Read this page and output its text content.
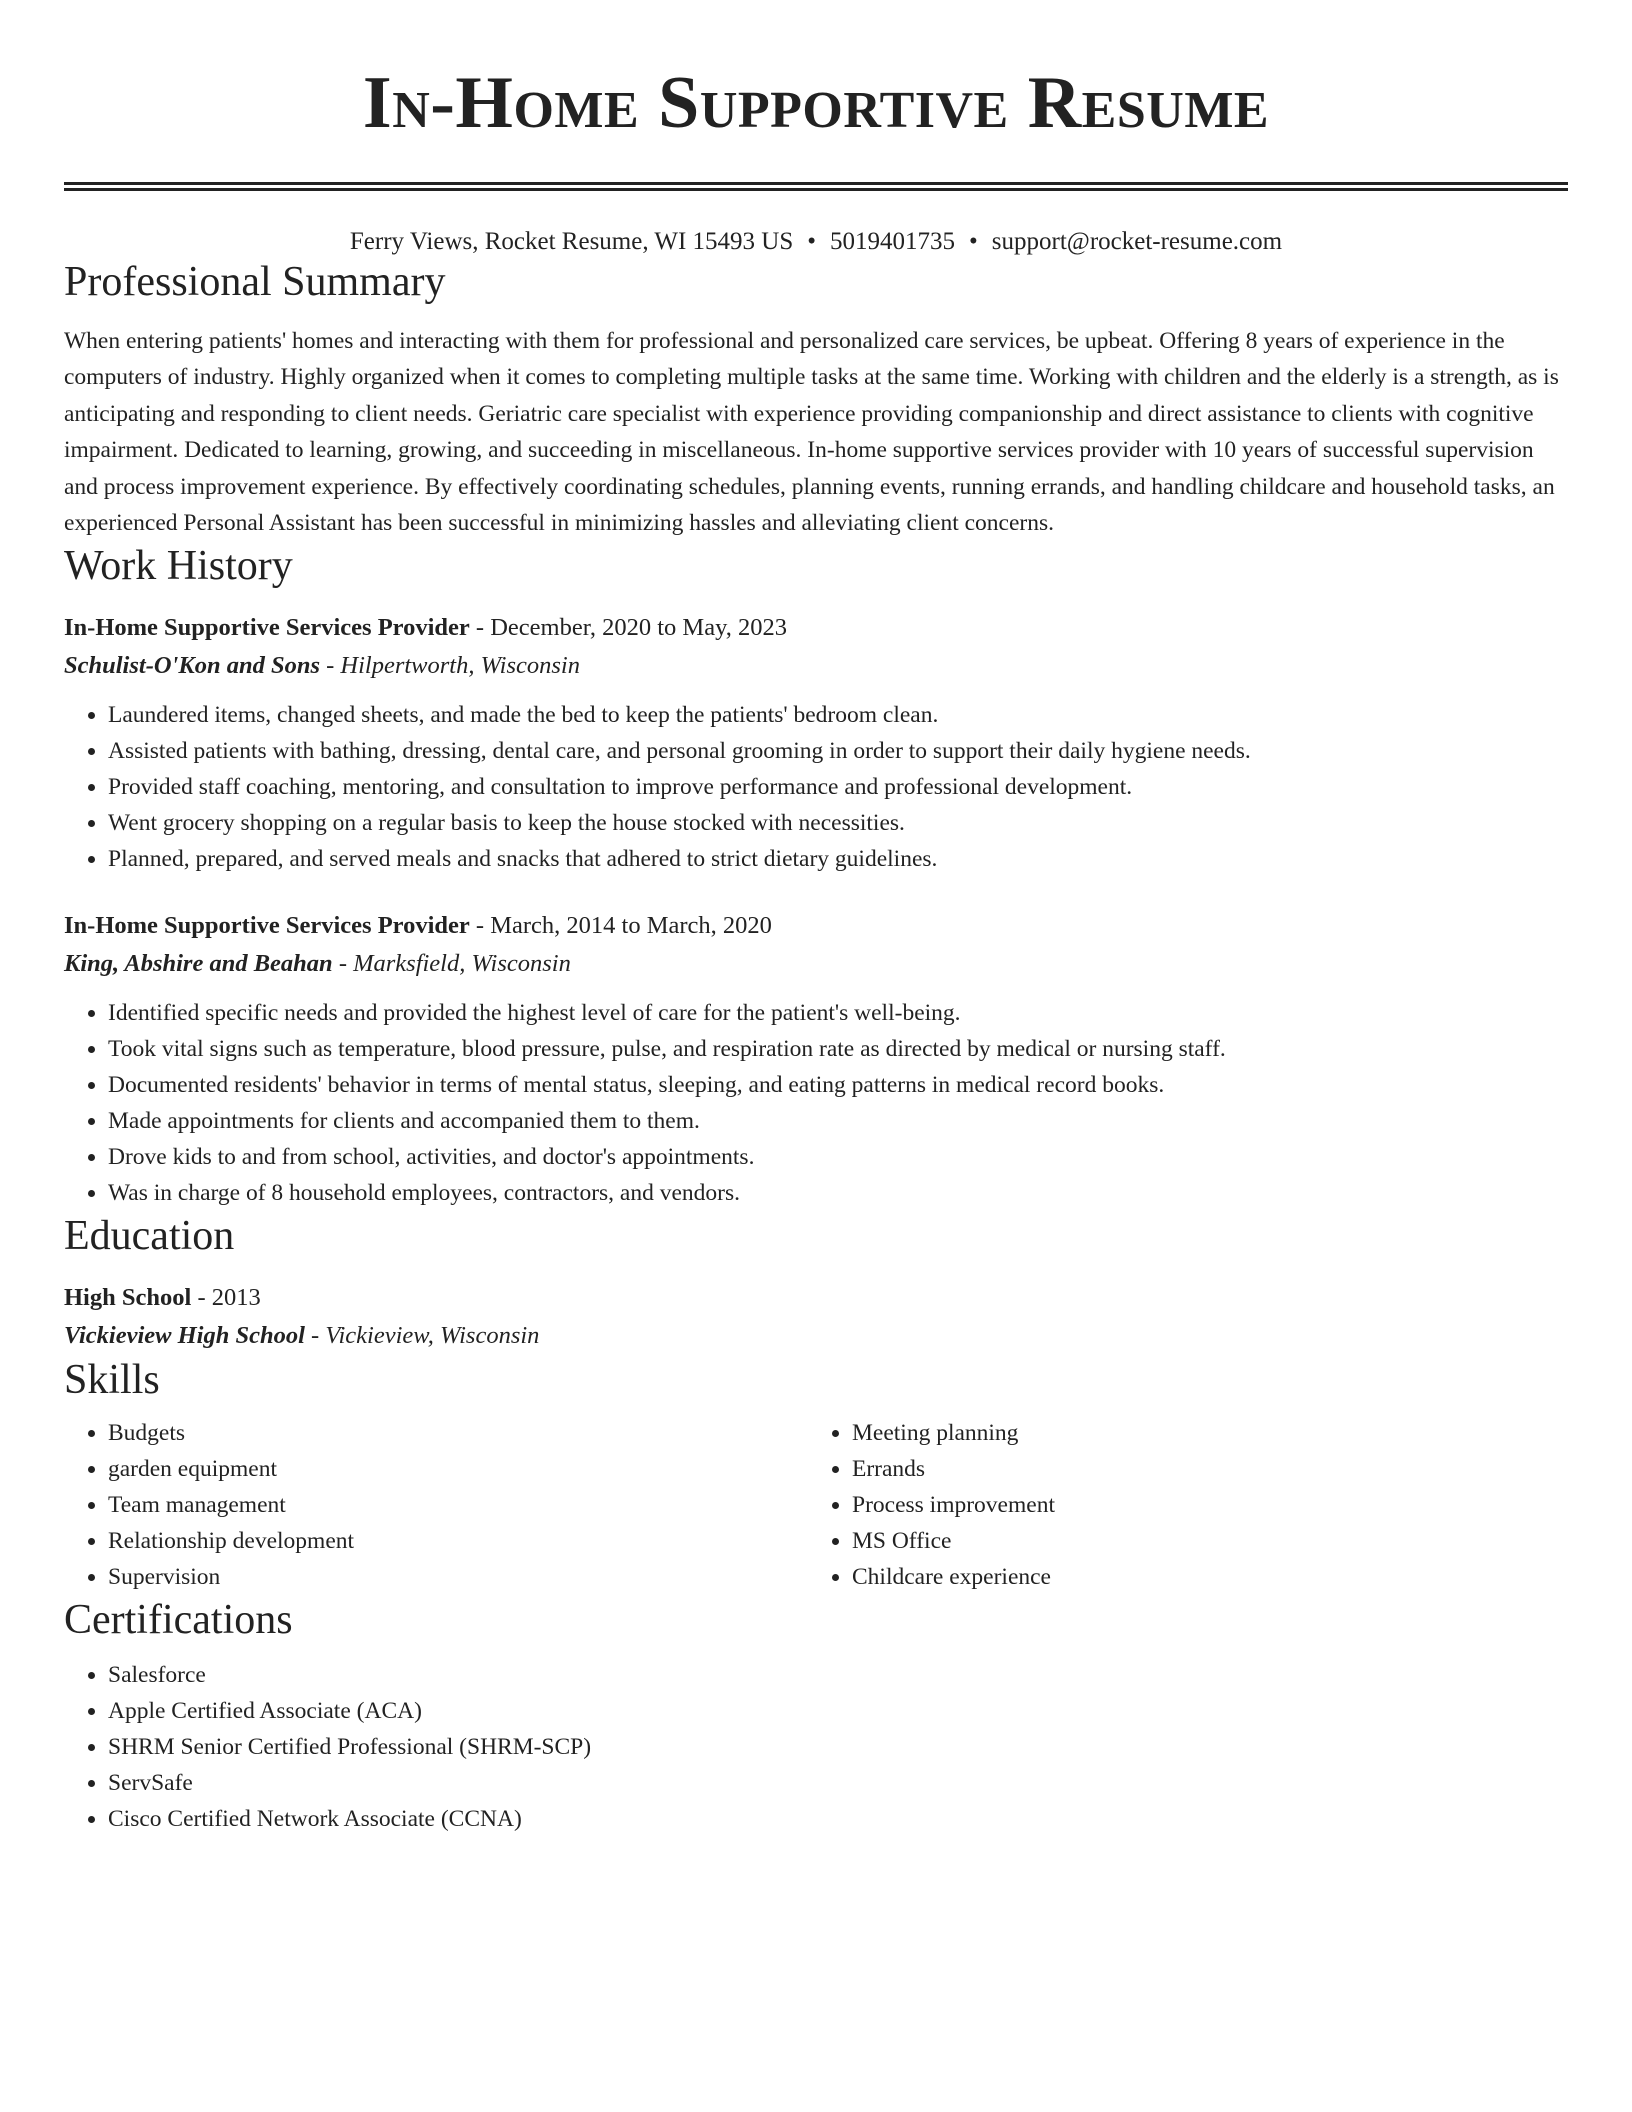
In-Home Supportive Resume
Ferry Views, Rocket Resume, WI 15493 US • 5019401735 • support@rocket-resume.com
Professional Summary

When entering patients' homes and interacting with them for professional and personalized care services, be upbeat. Offering 8 years of experience in the computers of industry. Highly organized when it comes to completing multiple tasks at the same time. Working with children and the elderly is a strength, as is anticipating and responding to client needs. Geriatric care specialist with experience providing companionship and direct assistance to clients with cognitive impairment. Dedicated to learning, growing, and succeeding in miscellaneous. In-home supportive services provider with 10 years of successful supervision and process improvement experience. By effectively coordinating schedules, planning events, running errands, and handling childcare and household tasks, an experienced Personal Assistant has been successful in minimizing hassles and alleviating client concerns.

Work History
In-Home Supportive Services Provider - December, 2020 to May, 2023
Schulist-O'Kon and Sons - Hilpertworth, Wisconsin
• Laundered items, changed sheets, and made the bed to keep the patients' bedroom clean.
• Assisted patients with bathing, dressing, dental care, and personal grooming in order to support their daily hygiene needs.
• Provided staff coaching, mentoring, and consultation to improve performance and professional development.
• Went grocery shopping on a regular basis to keep the house stocked with necessities.
• Planned, prepared, and served meals and snacks that adhered to strict dietary guidelines.
In-Home Supportive Services Provider - March, 2014 to March, 2020
King, Abshire and Beahan - Marksfield, Wisconsin
• Identified specific needs and provided the highest level of care for the patient's well-being.
• Took vital signs such as temperature, blood pressure, pulse, and respiration rate as directed by medical or nursing staff.
• Documented residents' behavior in terms of mental status, sleeping, and eating patterns in medical record books.
• Made appointments for clients and accompanied them to them.
• Drove kids to and from school, activities, and doctor's appointments.
• Was in charge of 8 household employees, contractors, and vendors.
Education
High School - 2013
Vickieview High School - Vickieview, Wisconsin
Skills
• Budgets
• garden equipment
• Team management
• Relationship development
• Supervision
• Meeting planning
• Errands
• Process improvement
• MS Office
• Childcare experience
Certifications
• Salesforce
• Apple Certified Associate (ACA)
• SHRM Senior Certified Professional (SHRM-SCP)
• ServSafe
• Cisco Certified Network Associate (CCNA)
